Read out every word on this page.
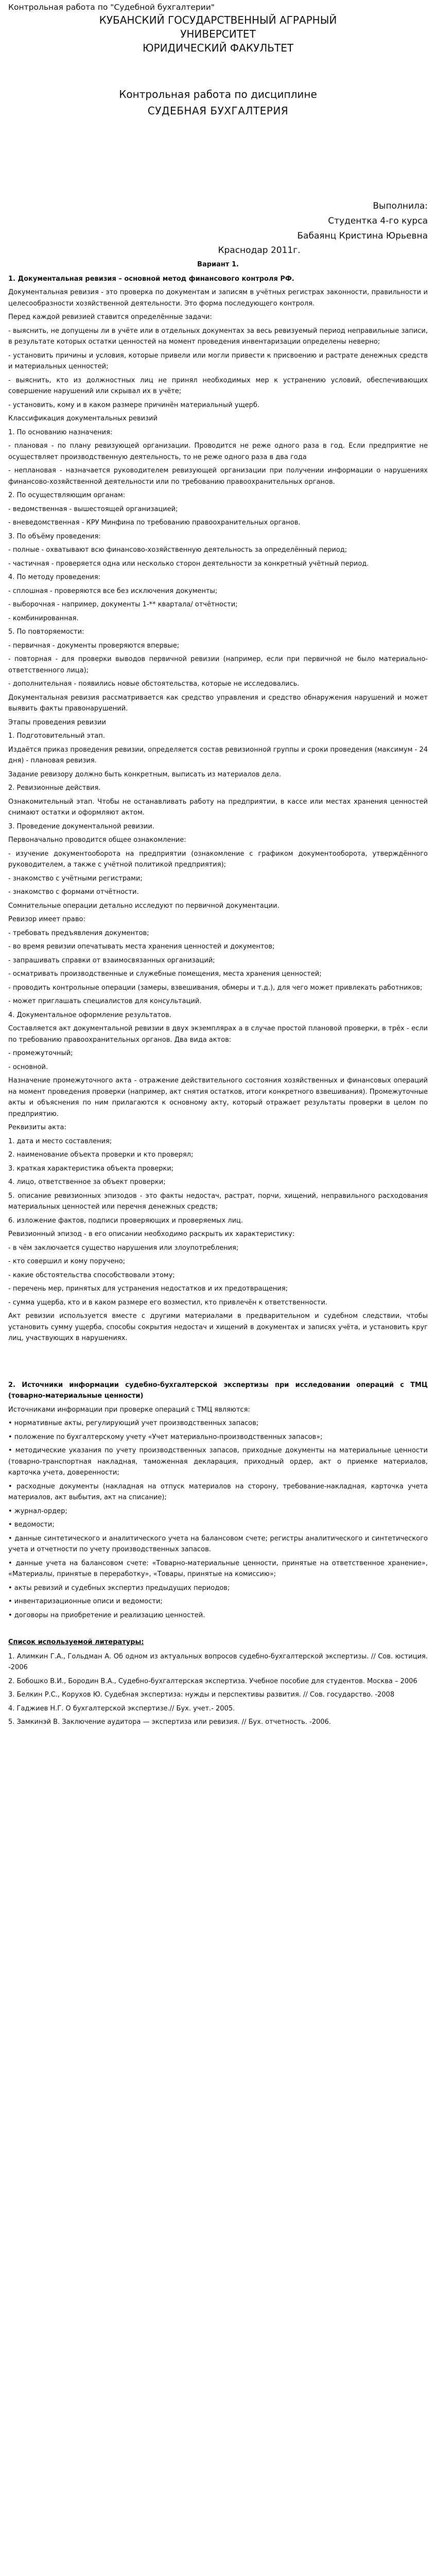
Контрольная работа по "Судебной бухгалтерии"
КУБАНСКИЙ ГОСУДАРСТВЕННЫЙ АГРАРНЫЙ
УНИВЕРСИТЕТ
ЮРИДИЧЕСКИЙ ФАКУЛЬТЕТ
Контрольная работа по дисциплине
СУДЕБНАЯ БУХГАЛТЕРИЯ
Выполнила:
Студентка 4-го курса
Бабаянц Кристина Юрьевна
Краснодар 2011г.
Вариант 1.

1. Документальная ревизия – основной метод финансового контроля РФ.

Документальная ревизия - это проверка по документам и записям в учётных регистрах законности, правильности и целесообразности хозяйственной деятельности. Это форма последующего контроля.

Перед каждой ревизией ставится определённые задачи:

- выяснить, не допущены ли в учёте или в отдельных документах за весь ревизуемый период неправильные записи, в результате которых остатки ценностей на момент проведения инвентаризации определены неверно;

- установить причины и условия, которые привели или могли привести к присвоению и растрате денежных средств и материальных ценностей;

- выяснить, кто из должностных лиц не принял необходимых мер к устранению условий, обеспечивающих совершение нарушений или скрывал их в учёте;

- установить, кому и в каком размере причинён материальный ущерб.

Классификация документальных ревизий

1. По основанию назначения:

- плановая - по плану ревизующей организации. Проводится не реже одного раза в год. Если предприятие не осуществляет производственную деятельность, то не реже одного раза в два года

- неплановая - назначается руководителем ревизующей организации при получении информации о нарушениях финансово-хозяйственной деятельности или по требованию правоохранительных органов.

2. По осуществляющим органам:

- ведомственная - вышестоящей организацией;

- вневедомственная - КРУ Минфина по требованию правоохранительных органов.

3. По объёму проведения:

- полные - охватывают всю финансово-хозяйственную деятельность за определённый период;

- частичная - проверяется одна или несколько сторон деятельности за конкретный учётный период.

4. По методу проведения:

- сплошная - проверяются все без исключения документы;

- выборочная - например, документы 1-** квартала/ отчётности;

- комбинированная.

5. По повторяемости:

- первичная - документы проверяются впервые;

- повторная - для проверки выводов первичной ревизии (например, если при первичной не было материально-ответственного лица);

- дополнительная - появились новые обстоятельства, которые не исследовались.

Документальная ревизия рассматривается как средство управления и средство обнаружения нарушений и может выявить факты правонарушений.

Этапы проведения ревизии

1. Подготовительный этап.

Издаётся приказ проведения ревизии, определяется состав ревизионной группы и сроки проведения (максимум - 24 дня) - плановая ревизия.

Задание ревизору должно быть конкретным, выписать из материалов дела.

2. Ревизионные действия.

Ознакомительный этап. Чтобы не останавливать работу на предприятии, в кассе или местах хранения ценностей снимают остатки и оформляют актом.

3. Проведение документальной ревизии.

Первоначально проводится общее ознакомление:

- изучение документооборота на предприятии (ознакомление с графиком документооборота, утверждённого руководителем, а также с учётной политикой предприятия);

- знакомство с учётными регистрами;

- знакомство с формами отчётности.

Сомнительные операции детально исследуют по первичной документации.

Ревизор имеет право:

- требовать предъявления документов;

- во время ревизии опечатывать места хранения ценностей и документов;

- запрашивать справки от взаимосвязанных организаций;

- осматривать производственные и служебные помещения, места хранения ценностей;

- проводить контрольные операции (замеры, взвешивания, обмеры и т.д.), для чего может привлекать работников;

- может приглашать специалистов для консультаций.

4. Документальное оформление результатов.

Составляется акт документальной ревизии в двух экземплярах а в случае простой плановой проверки, в трёх - если по требованию правоохранительных органов. Два вида актов:

- промежуточный;

- основной.

Назначение промежуточного акта - отражение действительного состояния хозяйственных и финансовых операций на момент проведения проверки (например, акт снятия остатков, итоги конкретного взвешивания). Промежуточные акты и объяснения по ним прилагаются к основному акту, который отражает результаты проверки в целом по предприятию.

Реквизиты акта:

1. дата и место составления;

2. наименование объекта проверки и кто проверял;

3. краткая характеристика объекта проверки;

4. лицо, ответственное за объект проверки;

5. описание ревизионных эпизодов - это факты недостач, растрат, порчи, хищений, неправильного расходования материальных ценностей или перечня денежных средств;

6. изложение фактов, подписи проверяющих и проверяемых лиц.

Ревизионный эпизод - в его описании необходимо раскрыть их характеристику:

- в чём заключается существо нарушения или злоупотребления;

- кто совершил и кому поручено;

- какие обстоятельства способствовали этому;

- перечень мер, принятых для устранения недостатков и их предотвращения;

- сумма ущерба, кто и в каком размере его возместил, кто привлечён к ответственности.

Акт ревизии используется вместе с другими материалами в предварительном и судебном следствии, чтобы установить сумму ущерба, способы сокрытия недостач и хищений в документах и записях учёта, и установить круг лиц, участвующих в нарушениях.

2. Источники информации судебно-бухгалтерской экспертизы при исследовании операций с ТМЦ (товарно-материальные ценности)

Источниками информации при проверке операций с ТМЦ являются:

• нормативные акты, регулирующий учет производственных запасов;

• положение по бухгалтерскому учету «Учет материально-производственных запасов»;

• методические указания по учету производственных запасов, приходные документы на материальные ценности (товарно-транспортная накладная, таможенная декларация, приходный ордер, акт о приемке материалов, карточка учета, доверенности;

• расходные документы (накладная на отпуск материалов на сторону, требование-накладная, карточка учета материалов, акт выбытия, акт на списание);

• журнал-ордер;

• ведомости;

• данные синтетического и аналитического учета на балансовом счете; регистры аналитического и синтетического учета и отчетности по учету производственных запасов.

• данные учета на балансовом счете: «Товарно-материальные ценности, принятые на ответственное хранение», «Материалы, принятые в переработку», «Товары, принятые на комиссию»;

• акты ревизий и судебных экспертиз предыдущих периодов;

• инвентаризационные описи и ведомости;

• договоры на приобретение и реализацию ценностей.

Список используемой литературы:

1. Алимкин Г.А., Гольдман А. Об одном из актуальных вопросов судебно-бухгалтерской экспертизы. // Сов. юстиция. -2006

2. Бобошко В.И., Бородин В.А., Судебно-бухгалтерская экспертиза. Учебное пособие для студентов. Москва – 2006

3. Белкин Р.С., Корухов Ю. Судебная экспертиза: нужды и перспективы развития. // Сов. государство. -2008

4. Гаджиев Н.Г. О бухгалтерской экспертизе.// Бух. учет.- 2005.

5. Замкинэй В. Заключение аудитора — экспертиза или ревизия. // Бух. отчетность. -2006.
